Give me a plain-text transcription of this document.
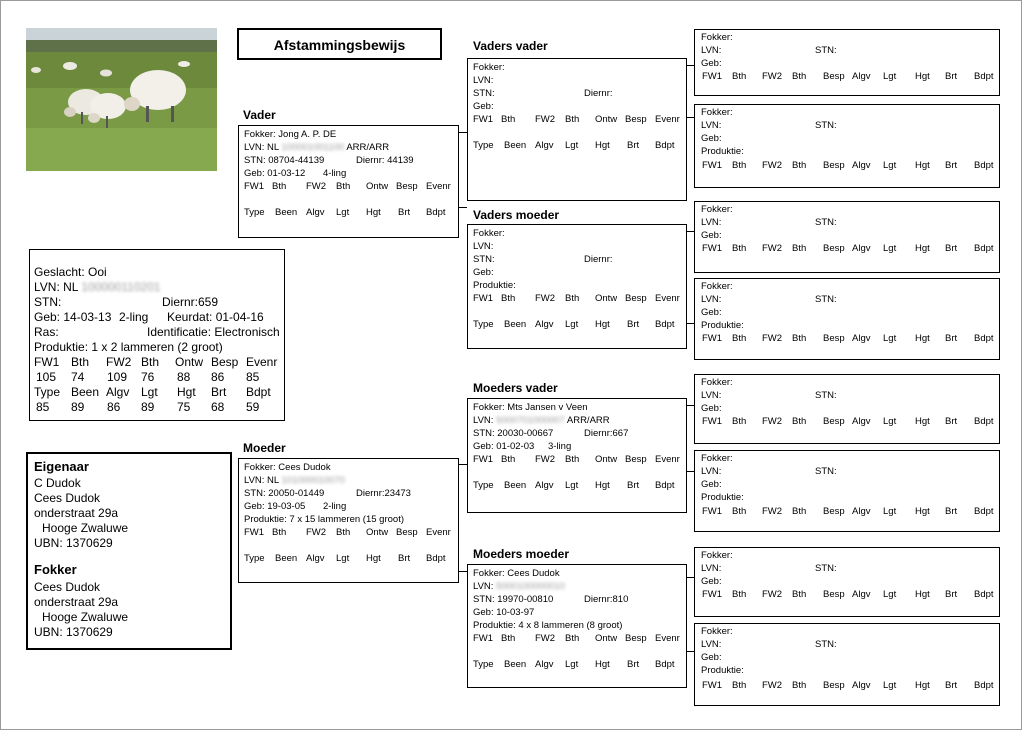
Afstammingsbewijs
Geslacht: Ooi
LVN: NL 100000110201
STN:	Diernr:659
Geb: 14-03-13 2-ling Keurdat: 01-04-16
Ras:	Identificatie: Electronisch
Produktie: 1 x 2 lammeren (2 groot)
FW1 Bth FW2 Bth Ontw Besp Evenr
105 74 109 76 88 86 85
Type Been Algv Lgt Hgt Brt Bdpt
85 89 86 89 75 68 59
Eigenaar
C Dudok
Cees Dudok
onderstraat 29a
Hooge Zwaluwe
UBN: 1370629
Fokker
Cees Dudok
onderstraat 29a
Hooge Zwaluwe
UBN: 1370629
Vader
Moeder
Vaders vader
Vaders moeder
Moeders vader
Moeders moeder
Fokker: Jong A. P. DE
LVN: NL 100001001100 ARR/ARR
STN: 08704-44139	Diernr: 44139
Geb: 01-03-12 4-ling
FW1 Bth FW2 Bth Ontw Besp Evenr
Type Been Algv Lgt Hgt Brt Bdpt
Fokker: Cees Dudok
LVN: NL 101000010070
STN: 20050-01449	Diernr:23473
Geb: 19-03-05 2-ling
Produktie: 7 x 15 lammeren (15 groot)
FW1 Bth FW2 Bth Ontw Besp Evenr
Type Been Algv Lgt Hgt Brt Bdpt
Fokker:
LVN:
STN:	Diernr:
Geb:
FW1 Bth FW2 Bth Ontw Besp Evenr
Type Been Algv Lgt Hgt Brt Bdpt
Fokker:
LVN:
STN:	Diernr:
Geb:
Produktie:
FW1 Bth FW2 Bth Ontw Besp Evenr
Type Been Algv Lgt Hgt Brt Bdpt
Fokker: Mts Jansen v Veen
LVN: 5000701000007 ARR/ARR
STN: 20030-00667	Diernr:667
Geb: 01-02-03 3-ling
FW1 Bth FW2 Bth Ontw Besp Evenr
Type Been Algv Lgt Hgt Brt Bdpt
Fokker: Cees Dudok
LVN: 5000100000010
STN: 19970-00810	Diernr:810
Geb: 10-03-97
Produktie: 4 x 8 lammeren (8 groot)
FW1 Bth FW2 Bth Ontw Besp Evenr
Type Been Algv Lgt Hgt Brt Bdpt
Fokker:
LVN:	STN:
Geb:
FW1 Bth FW2 Bth Besp Algv Lgt Hgt Brt Bdpt
Fokker:
LVN:	STN:
Geb:
Produktie:
FW1 Bth FW2 Bth Besp Algv Lgt Hgt Brt Bdpt
Fokker:
LVN:	STN:
Geb:
FW1 Bth FW2 Bth Besp Algv Lgt Hgt Brt Bdpt
Fokker:
LVN:	STN:
Geb:
Produktie:
FW1 Bth FW2 Bth Besp Algv Lgt Hgt Brt Bdpt
Fokker:
LVN:	STN:
Geb:
FW1 Bth FW2 Bth Besp Algv Lgt Hgt Brt Bdpt
Fokker:
LVN:	STN:
Geb:
Produktie:
FW1 Bth FW2 Bth Besp Algv Lgt Hgt Brt Bdpt
Fokker:
LVN:	STN:
Geb:
FW1 Bth FW2 Bth Besp Algv Lgt Hgt Brt Bdpt
Fokker:
LVN:	STN:
Geb:
Produktie:
FW1 Bth FW2 Bth Besp Algv Lgt Hgt Brt Bdpt
